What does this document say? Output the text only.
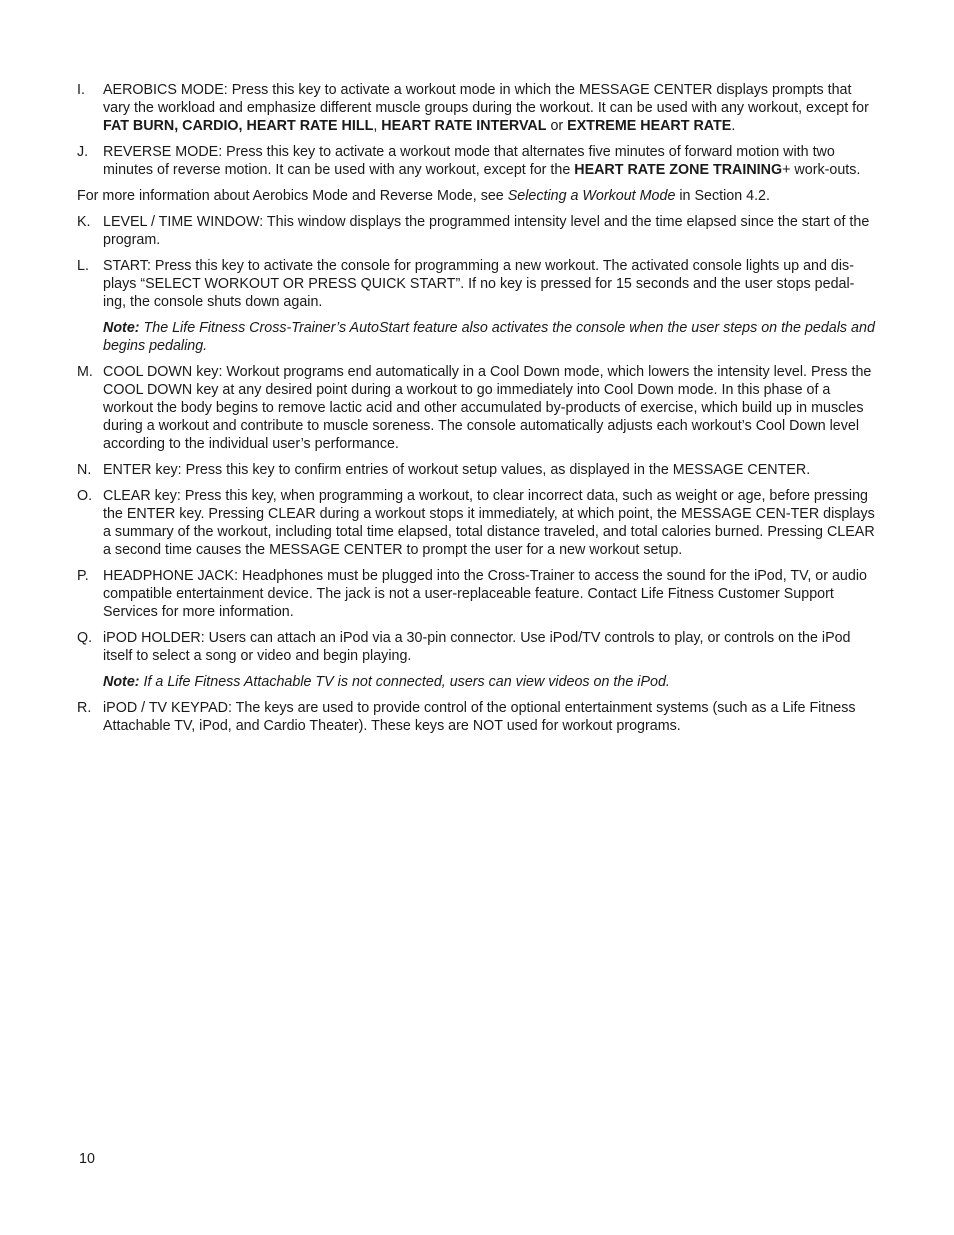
I.	AEROBICS MODE: Press this key to activate a workout mode in which the MESSAGE CENTER displays prompts that vary the workload and emphasize different muscle groups during the workout. It can be used with any workout, except for FAT BURN, CARDIO, HEART RATE HILL, HEART RATE INTERVAL or EXTREME HEART RATE.
J.	REVERSE MODE: Press this key to activate a workout mode that alternates five minutes of forward motion with two minutes of reverse motion. It can be used with any workout, except for the HEART RATE ZONE TRAINING+ work-outs.
For more information about Aerobics Mode and Reverse Mode, see Selecting a Workout Mode in Section 4.2.
K. LEVEL / TIME WINDOW: This window displays the programmed intensity level and the time elapsed since the start of the program.
L. START: Press this key to activate the console for programming a new workout. The activated console lights up and dis-plays “SELECT WORKOUT OR PRESS QUICK START”. If no key is pressed for 15 seconds and the user stops pedal-ing, the console shuts down again.
Note: The Life Fitness Cross-Trainer’s AutoStart feature also activates the console when the user steps on the pedals and begins pedaling.
M. COOL DOWN key: Workout programs end automatically in a Cool Down mode, which lowers the intensity level. Press the COOL DOWN key at any desired point during a workout to go immediately into Cool Down mode. In this phase of a workout the body begins to remove lactic acid and other accumulated by-products of exercise, which build up in muscles during a workout and contribute to muscle soreness. The console automatically adjusts each workout’s Cool Down level according to the individual user’s performance.
N. ENTER key: Press this key to confirm entries of workout setup values, as displayed in the MESSAGE CENTER.
O. CLEAR key: Press this key, when programming a workout, to clear incorrect data, such as weight or age, before pressing the ENTER key. Pressing CLEAR during a workout stops it immediately, at which point, the MESSAGE CEN-TER displays a summary of the workout, including total time elapsed, total distance traveled, and total calories burned. Pressing CLEAR a second time causes the MESSAGE CENTER to prompt the user for a new workout setup.
P.	HEADPHONE JACK: Headphones must be plugged into the Cross-Trainer to access the sound for the iPod, TV, or audio compatible entertainment device. The jack is not a user-replaceable feature. Contact Life Fitness Customer Support Services for more information.
Q. iPOD HOLDER: Users can attach an iPod via a 30-pin connector. Use iPod/TV controls to play, or controls on the iPod itself to select a song or video and begin playing.
Note: If a Life Fitness Attachable TV is not connected, users can view videos on the iPod.
R. iPOD / TV KEYPAD: The keys are used to provide control of the optional entertainment systems (such as a Life Fitness Attachable TV, iPod, and Cardio Theater). These keys are NOT used for workout programs.
10
